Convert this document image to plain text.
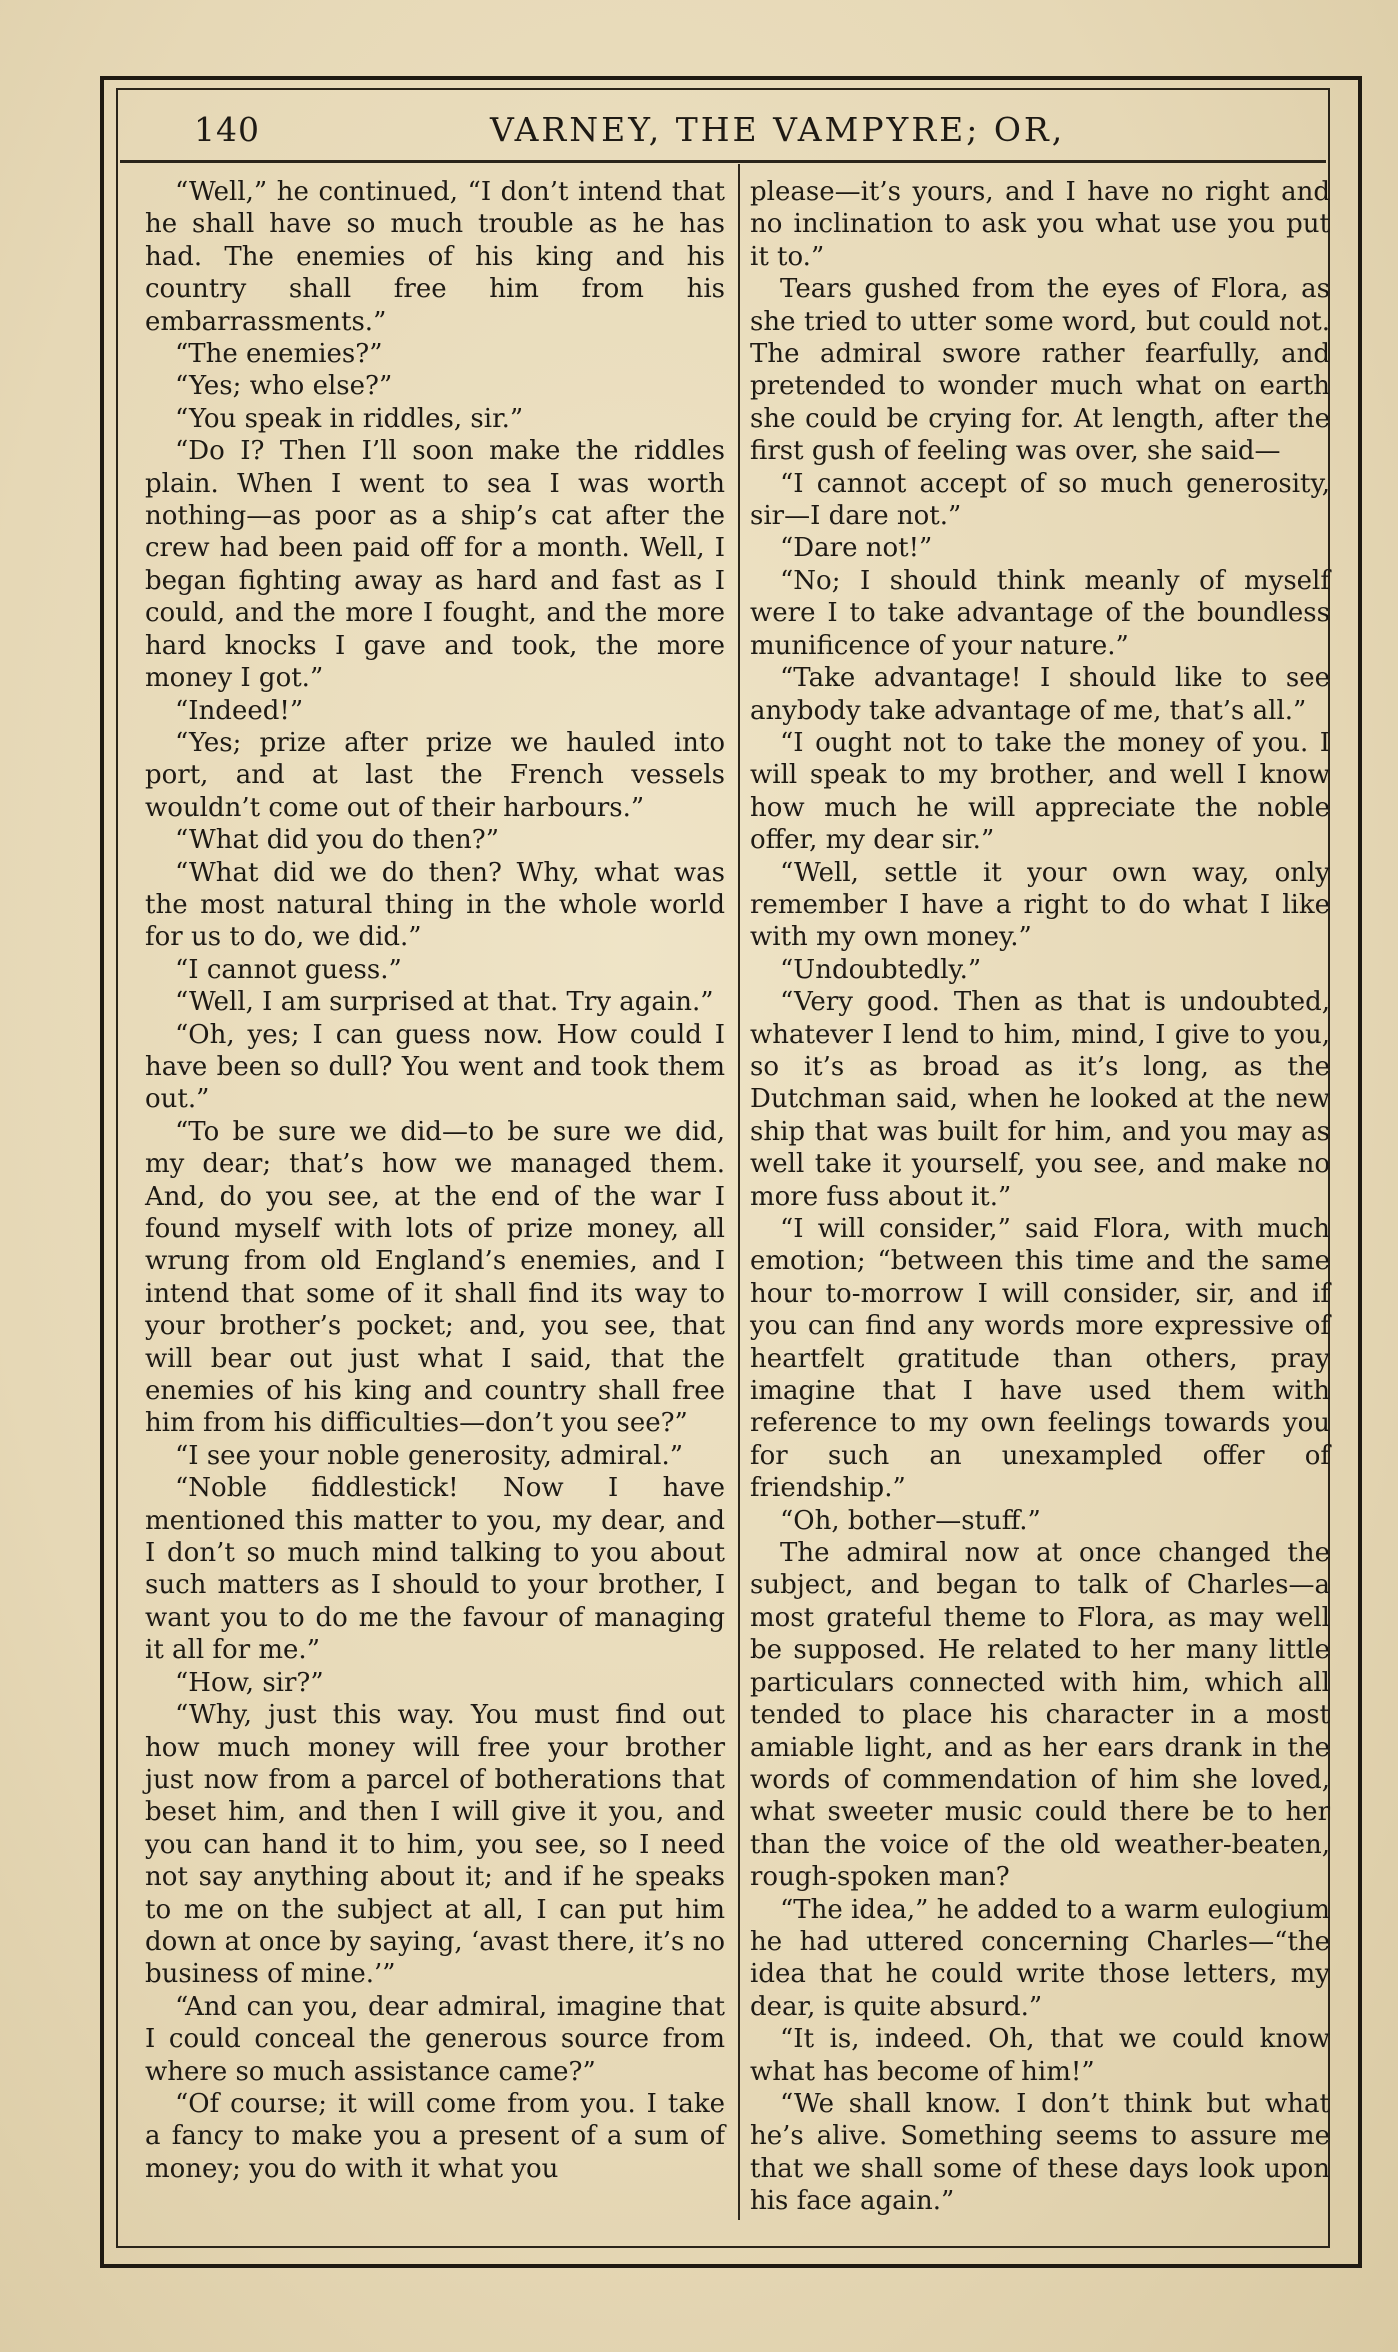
140	VARNEY, THE VAMPYRE; OR,

“Well,” he continued, “I don’t intend that he shall have so much trouble as he has had. The enemies of his king and his country shall free him from his embarrassments.”

“The enemies?”

“Yes; who else?”

“You speak in riddles, sir.”

“Do I? Then I’ll soon make the riddles plain. When I went to sea I was worth nothing—as poor as a ship’s cat after the crew had been paid off for a month. Well, I began fighting away as hard and fast as I could, and the more I fought, and the more hard knocks I gave and took, the more money I got.”

“Indeed!”

“Yes; prize after prize we hauled into port, and at last the French vessels wouldn’t come out of their harbours.”

“What did you do then?”

“What did we do then? Why, what was the most natural thing in the whole world for us to do, we did.”

“I cannot guess.”

“Well, I am surprised at that. Try again.”

“Oh, yes; I can guess now. How could I have been so dull? You went and took them out.”

“To be sure we did—to be sure we did, my dear; that’s how we managed them. And, do you see, at the end of the war I found myself with lots of prize money, all wrung from old England’s enemies, and I intend that some of it shall find its way to your brother’s pocket; and, you see, that will bear out just what I said, that the enemies of his king and country shall free him from his difficulties—don’t you see?”

“I see your noble generosity, admiral.”

“Noble fiddlestick! Now I have mentioned this matter to you, my dear, and I don’t so much mind talking to you about such matters as I should to your brother, I want you to do me the favour of managing it all for me.”

“How, sir?”

“Why, just this way. You must find out how much money will free your brother just now from a parcel of botherations that beset him, and then I will give it you, and you can hand it to him, you see, so I need not say anything about it; and if he speaks to me on the subject at all, I can put him down at once by saying, ‘avast there, it’s no business of mine.’”

“And can you, dear admiral, imagine that I could conceal the generous source from where so much assistance came?”

“Of course; it will come from you. I take a fancy to make you a present of a sum of money; you do with it what you

please—it’s yours, and I have no right and no inclination to ask you what use you put it to.”

Tears gushed from the eyes of Flora, as she tried to utter some word, but could not. The admiral swore rather fearfully, and pretended to wonder much what on earth she could be crying for. At length, after the first gush of feeling was over, she said—

“I cannot accept of so much generosity, sir—I dare not.”

“Dare not!”

“No; I should think meanly of myself were I to take advantage of the boundless munificence of your nature.”

“Take advantage! I should like to see anybody take advantage of me, that’s all.”

“I ought not to take the money of you. I will speak to my brother, and well I know how much he will appreciate the noble offer, my dear sir.”

“Well, settle it your own way, only remember I have a right to do what I like with my own money.”

“Undoubtedly.”

“Very good. Then as that is undoubted, whatever I lend to him, mind, I give to you, so it’s as broad as it’s long, as the Dutchman said, when he looked at the new ship that was built for him, and you may as well take it yourself, you see, and make no more fuss about it.”

“I will consider,” said Flora, with much emotion; “between this time and the same hour to-morrow I will consider, sir, and if you can find any words more expressive of heartfelt gratitude than others, pray imagine that I have used them with reference to my own feelings towards you for such an unexampled offer of friendship.”

“Oh, bother—stuff.”

The admiral now at once changed the subject, and began to talk of Charles—a most grateful theme to Flora, as may well be supposed. He related to her many little particulars connected with him, which all tended to place his character in a most amiable light, and as her ears drank in the words of commendation of him she loved, what sweeter music could there be to her than the voice of the old weather-beaten, rough-spoken man?

“The idea,” he added to a warm eulogium he had uttered concerning Charles—“the idea that he could write those letters, my dear, is quite absurd.”

“It is, indeed. Oh, that we could know what has become of him!”

“We shall know. I don’t think but what he’s alive. Something seems to assure me that we shall some of these days look upon his face again.”
